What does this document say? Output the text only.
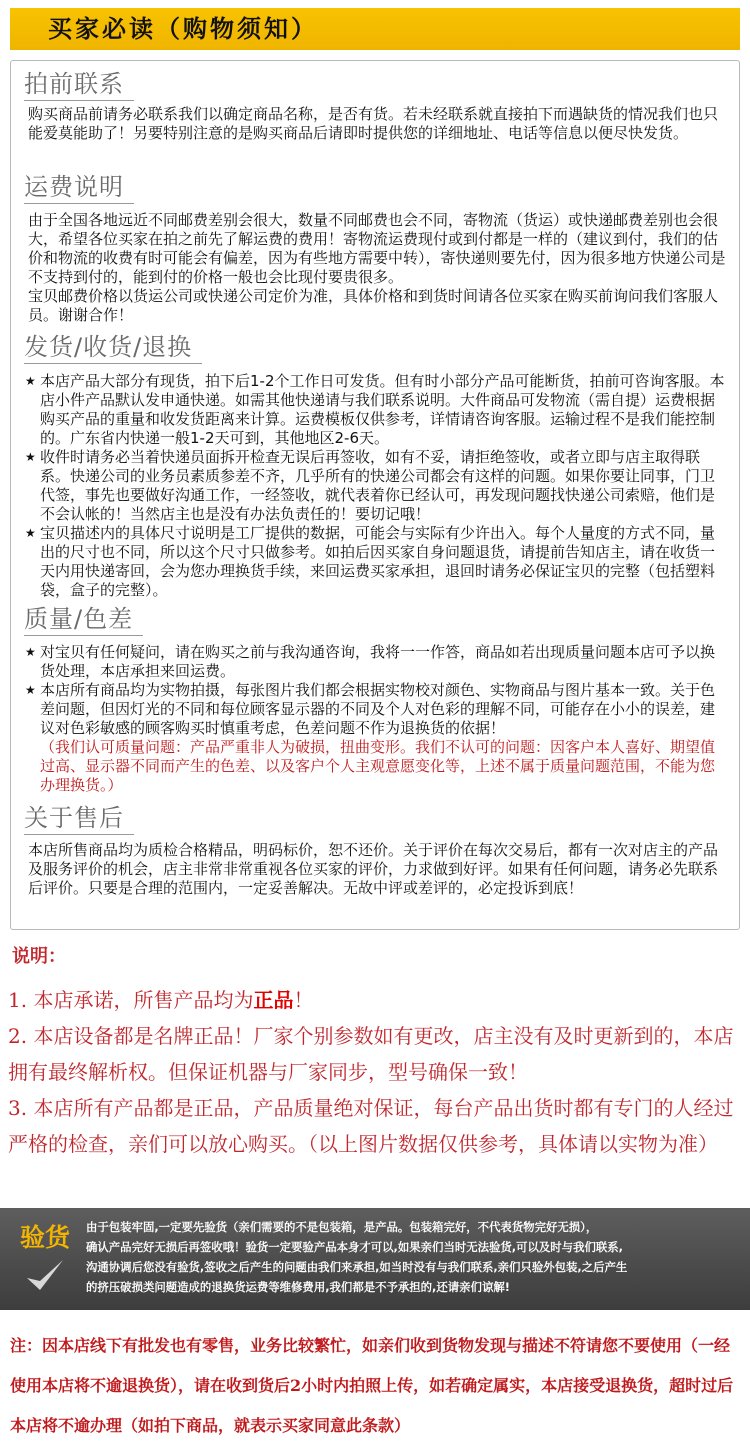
买家必读（购物须知）
拍前联系

购买商品前请务必联系我们以确定商品名称，是否有货。若未经联系就直接拍下而遇缺货的情况我们也只能爱莫能助了！另要特别注意的是购买商品后请即时提供您的详细地址、电话等信息以便尽快发货。

运费说明

由于全国各地远近不同邮费差别会很大，数量不同邮费也会不同，寄物流（货运）或快递邮费差别也会很大，希望各位买家在拍之前先了解运费的费用！寄物流运费现付或到付都是一样的（建议到付，我们的估价和物流的收费有时可能会有偏差，因为有些地方需要中转），寄快递则要先付，因为很多地方快递公司是不支持到付的，能到付的价格一般也会比现付要贵很多。

宝贝邮费价格以货运公司或快递公司定价为准，具体价格和到货时间请各位买家在购买前询问我们客服人员。谢谢合作！

发货/收货/退换
★ 本店产品大部分有现货，拍下后1-2个工作日可发货。但有时小部分产品可能断货，拍前可咨询客服。本店小件产品默认发申通快递。如需其他快递请与我们联系说明。大件商品可发物流（需自提）运费根据购买产品的重量和收发货距离来计算。运费模板仅供参考，详情请咨询客服。运输过程不是我们能控制的。广东省内快递一般1-2天可到，其他地区2-6天。
★ 收件时请务必当着快递员面拆开检查无误后再签收，如有不妥，请拒绝签收，或者立即与店主取得联系。快递公司的业务员素质参差不齐，几乎所有的快递公司都会有这样的问题。如果你要让同事，门卫代签，事先也要做好沟通工作，一经签收，就代表着你已经认可，再发现问题找快递公司索赔，他们是不会认帐的！当然店主也是没有办法负责任的！要切记哦！
★ 宝贝描述内的具体尺寸说明是工厂提供的数据，可能会与实际有少许出入。每个人量度的方式不同，量出的尺寸也不同，所以这个尺寸只做参考。如拍后因买家自身问题退货，请提前告知店主，请在收货一天内用快递寄回，会为您办理换货手续，来回运费买家承担，退回时请务必保证宝贝的完整（包括塑料袋，盒子的完整）。
质量/色差
★ 对宝贝有任何疑问，请在购买之前与我沟通咨询，我将一一作答，商品如若出现质量问题本店可予以换货处理，本店承担来回运费。
★ 本店所有商品均为实物拍摄，每张图片我们都会根据实物校对颜色、实物商品与图片基本一致。关于色差问题，但因灯光的不同和每位顾客显示器的不同及个人对色彩的理解不同，可能存在小小的误差，建议对色彩敏感的顾客购买时慎重考虑，色差问题不作为退换货的依据！

（我们认可质量问题：产品严重非人为破损，扭曲变形。我们不认可的问题：因客户本人喜好、期望值过高、显示器不同而产生的色差、以及客户个人主观意愿变化等，上述不属于质量问题范围，不能为您办理换货。）

关于售后

本店所售商品均为质检合格精品，明码标价，恕不还价。关于评价在每次交易后，都有一次对店主的产品及服务评价的机会，店主非常非常重视各位买家的评价，力求做到好评。如果有任何问题，请务必先联系后评价。只要是合理的范围内，一定妥善解决。无故中评或差评的，必定投诉到底！

说明：

1. 本店承诺，所售产品均为正品！

2. 本店设备都是名牌正品！厂家个别参数如有更改，店主没有及时更新到的，本店拥有最终解析权。但保证机器与厂家同步，型号确保一致！

3. 本店所有产品都是正品，产品质量绝对保证，每台产品出货时都有专门的人经过严格的检查，亲们可以放心购买。（以上图片数据仅供参考，具体请以实物为准）

验货 由于包装牢固,一定要先验货（亲们需要的不是包装箱，是产品。包装箱完好，不代表货物完好无损），

确认产品完好无损后再签收哦！验货一定要验产品本身才可以,如果亲们当时无法验货,可以及时与我们联系,

沟通协调后您没有验货,签收之后产生的问题由我们来承担,如当时没有与我们联系,亲们只验外包装,之后产生

的挤压破损类问题造成的退换货运费等维修费用,我们都是不予承担的,还请亲们谅解!

注：因本店线下有批发也有零售，业务比较繁忙，如亲们收到货物发现与描述不符请您不要使用（一经使用本店将不逾退换货），请在收到货后2小时内拍照上传，如若确定属实，本店接受退换货，超时过后本店将不逾办理（如拍下商品，就表示买家同意此条款）
